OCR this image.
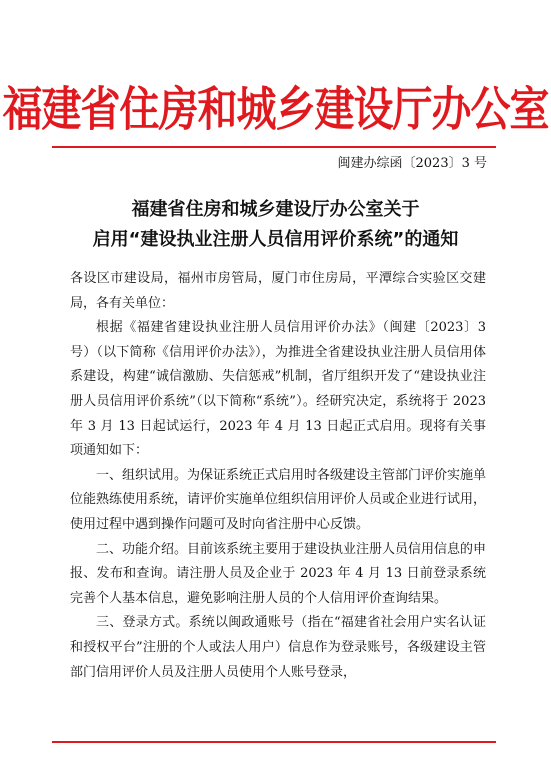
福建省住房和城乡建设厅办公室
闽建办综函〔2023〕3 号
福建省住房和城乡建设厅办公室关于
启用“建设执业注册人员信用评价系统”的通知

各设区市建设局，福州市房管局，厦门市住房局，平潭综合实验区交建局，各有关单位：

根据《福建省建设执业注册人员信用评价办法》（闽建〔2023〕3 号）（以下简称《信用评价办法》），为推进全省建设执业注册人员信用体系建设，构建“诚信激励、失信惩戒”机制，省厅组织开发了“建设执业注册人员信用评价系统”（以下简称“系统”）。经研究决定，系统将于 2023 年 3 月 13 日起试运行，2023 年 4 月 13 日起正式启用。现将有关事项通知如下：

一、组织试用。为保证系统正式启用时各级建设主管部门评价实施单位能熟练使用系统，请评价实施单位组织信用评价人员或企业进行试用，使用过程中遇到操作问题可及时向省注册中心反馈。

二、功能介绍。目前该系统主要用于建设执业注册人员信用信息的申报、发布和查询。请注册人员及企业于 2023 年 4 月 13 日前登录系统完善个人基本信息，避免影响注册人员的个人信用评价查询结果。

三、登录方式。系统以闽政通账号（指在“福建省社会用户实名认证和授权平台”注册的个人或法人用户）信息作为登录账号，各级建设主管部门信用评价人员及注册人员使用个人账号登录，
